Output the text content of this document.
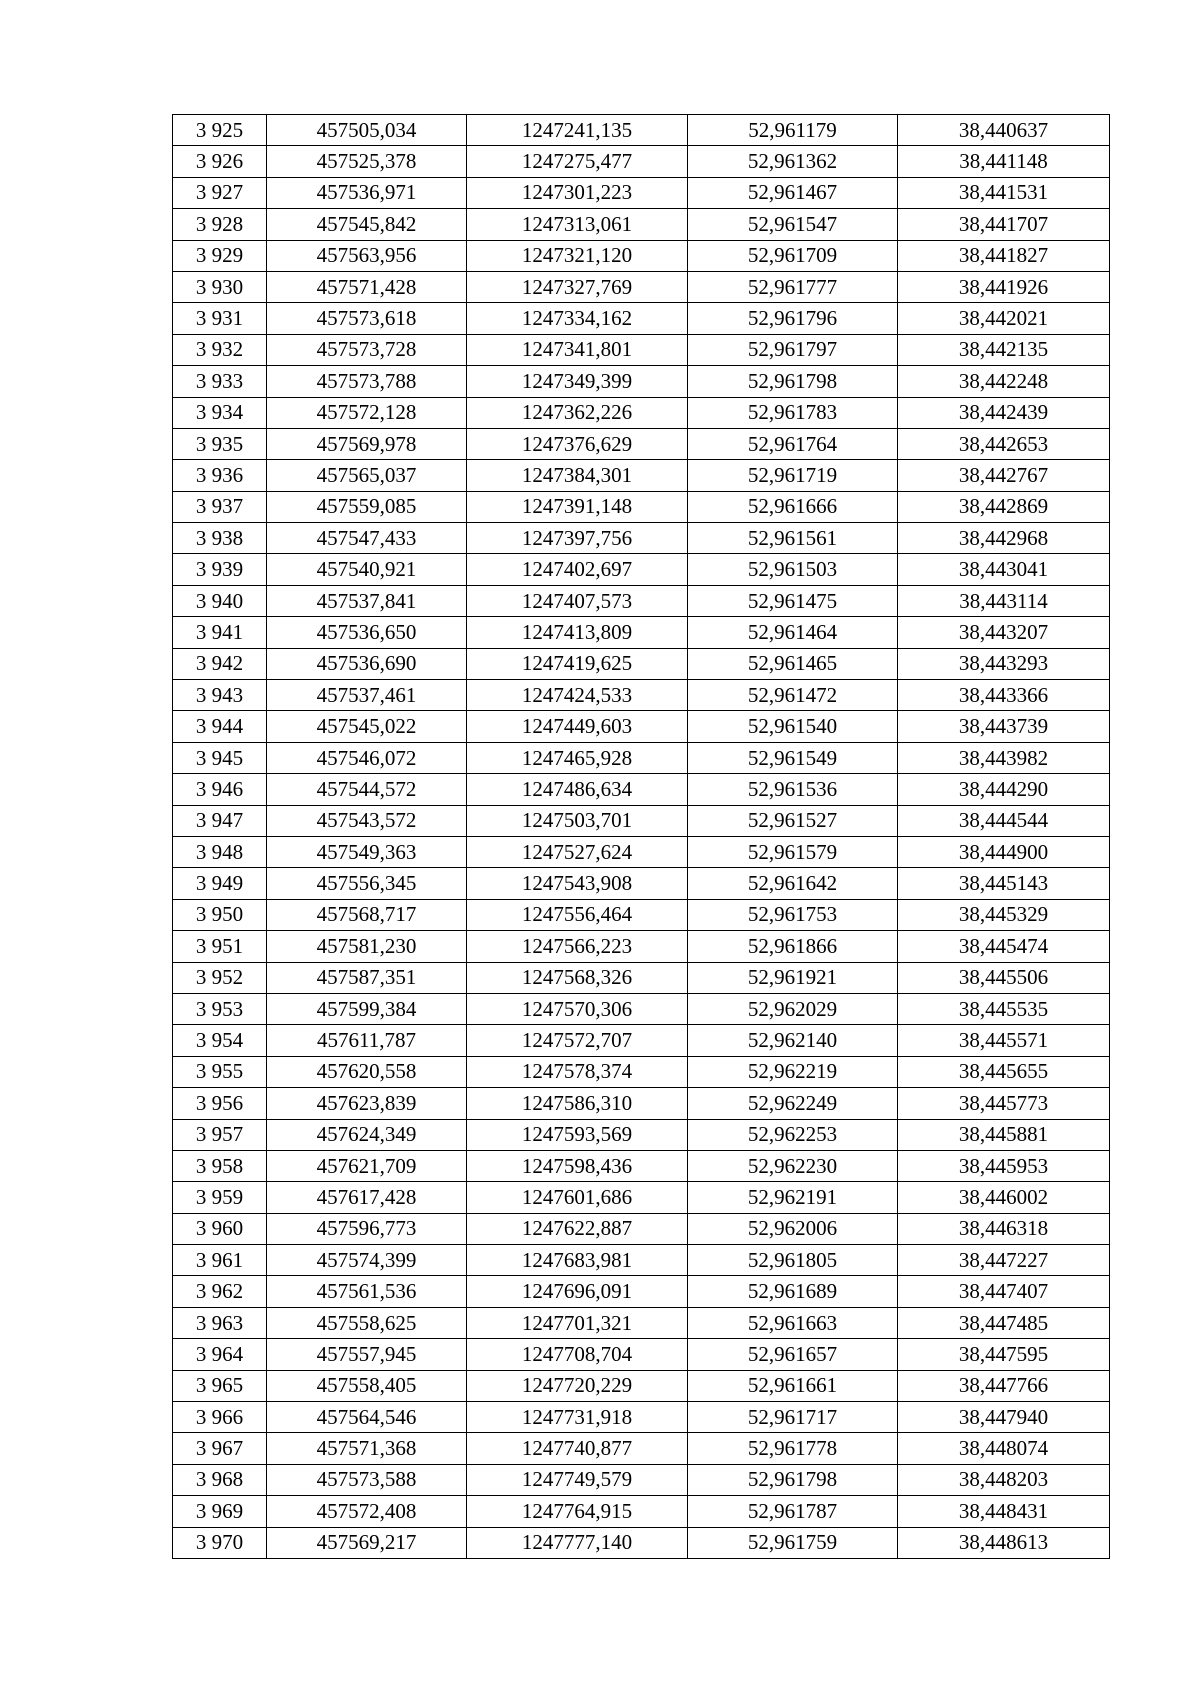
3 925	457505,034	1247241,135	52,961179	38,440637
3 926	457525,378	1247275,477	52,961362	38,441148
3 927	457536,971	1247301,223	52,961467	38,441531
3 928	457545,842	1247313,061	52,961547	38,441707
3 929	457563,956	1247321,120	52,961709	38,441827
3 930	457571,428	1247327,769	52,961777	38,441926
3 931	457573,618	1247334,162	52,961796	38,442021
3 932	457573,728	1247341,801	52,961797	38,442135
3 933	457573,788	1247349,399	52,961798	38,442248
3 934	457572,128	1247362,226	52,961783	38,442439
3 935	457569,978	1247376,629	52,961764	38,442653
3 936	457565,037	1247384,301	52,961719	38,442767
3 937	457559,085	1247391,148	52,961666	38,442869
3 938	457547,433	1247397,756	52,961561	38,442968
3 939	457540,921	1247402,697	52,961503	38,443041
3 940	457537,841	1247407,573	52,961475	38,443114
3 941	457536,650	1247413,809	52,961464	38,443207
3 942	457536,690	1247419,625	52,961465	38,443293
3 943	457537,461	1247424,533	52,961472	38,443366
3 944	457545,022	1247449,603	52,961540	38,443739
3 945	457546,072	1247465,928	52,961549	38,443982
3 946	457544,572	1247486,634	52,961536	38,444290
3 947	457543,572	1247503,701	52,961527	38,444544
3 948	457549,363	1247527,624	52,961579	38,444900
3 949	457556,345	1247543,908	52,961642	38,445143
3 950	457568,717	1247556,464	52,961753	38,445329
3 951	457581,230	1247566,223	52,961866	38,445474
3 952	457587,351	1247568,326	52,961921	38,445506
3 953	457599,384	1247570,306	52,962029	38,445535
3 954	457611,787	1247572,707	52,962140	38,445571
3 955	457620,558	1247578,374	52,962219	38,445655
3 956	457623,839	1247586,310	52,962249	38,445773
3 957	457624,349	1247593,569	52,962253	38,445881
3 958	457621,709	1247598,436	52,962230	38,445953
3 959	457617,428	1247601,686	52,962191	38,446002
3 960	457596,773	1247622,887	52,962006	38,446318
3 961	457574,399	1247683,981	52,961805	38,447227
3 962	457561,536	1247696,091	52,961689	38,447407
3 963	457558,625	1247701,321	52,961663	38,447485
3 964	457557,945	1247708,704	52,961657	38,447595
3 965	457558,405	1247720,229	52,961661	38,447766
3 966	457564,546	1247731,918	52,961717	38,447940
3 967	457571,368	1247740,877	52,961778	38,448074
3 968	457573,588	1247749,579	52,961798	38,448203
3 969	457572,408	1247764,915	52,961787	38,448431
3 970	457569,217	1247777,140	52,961759	38,448613
